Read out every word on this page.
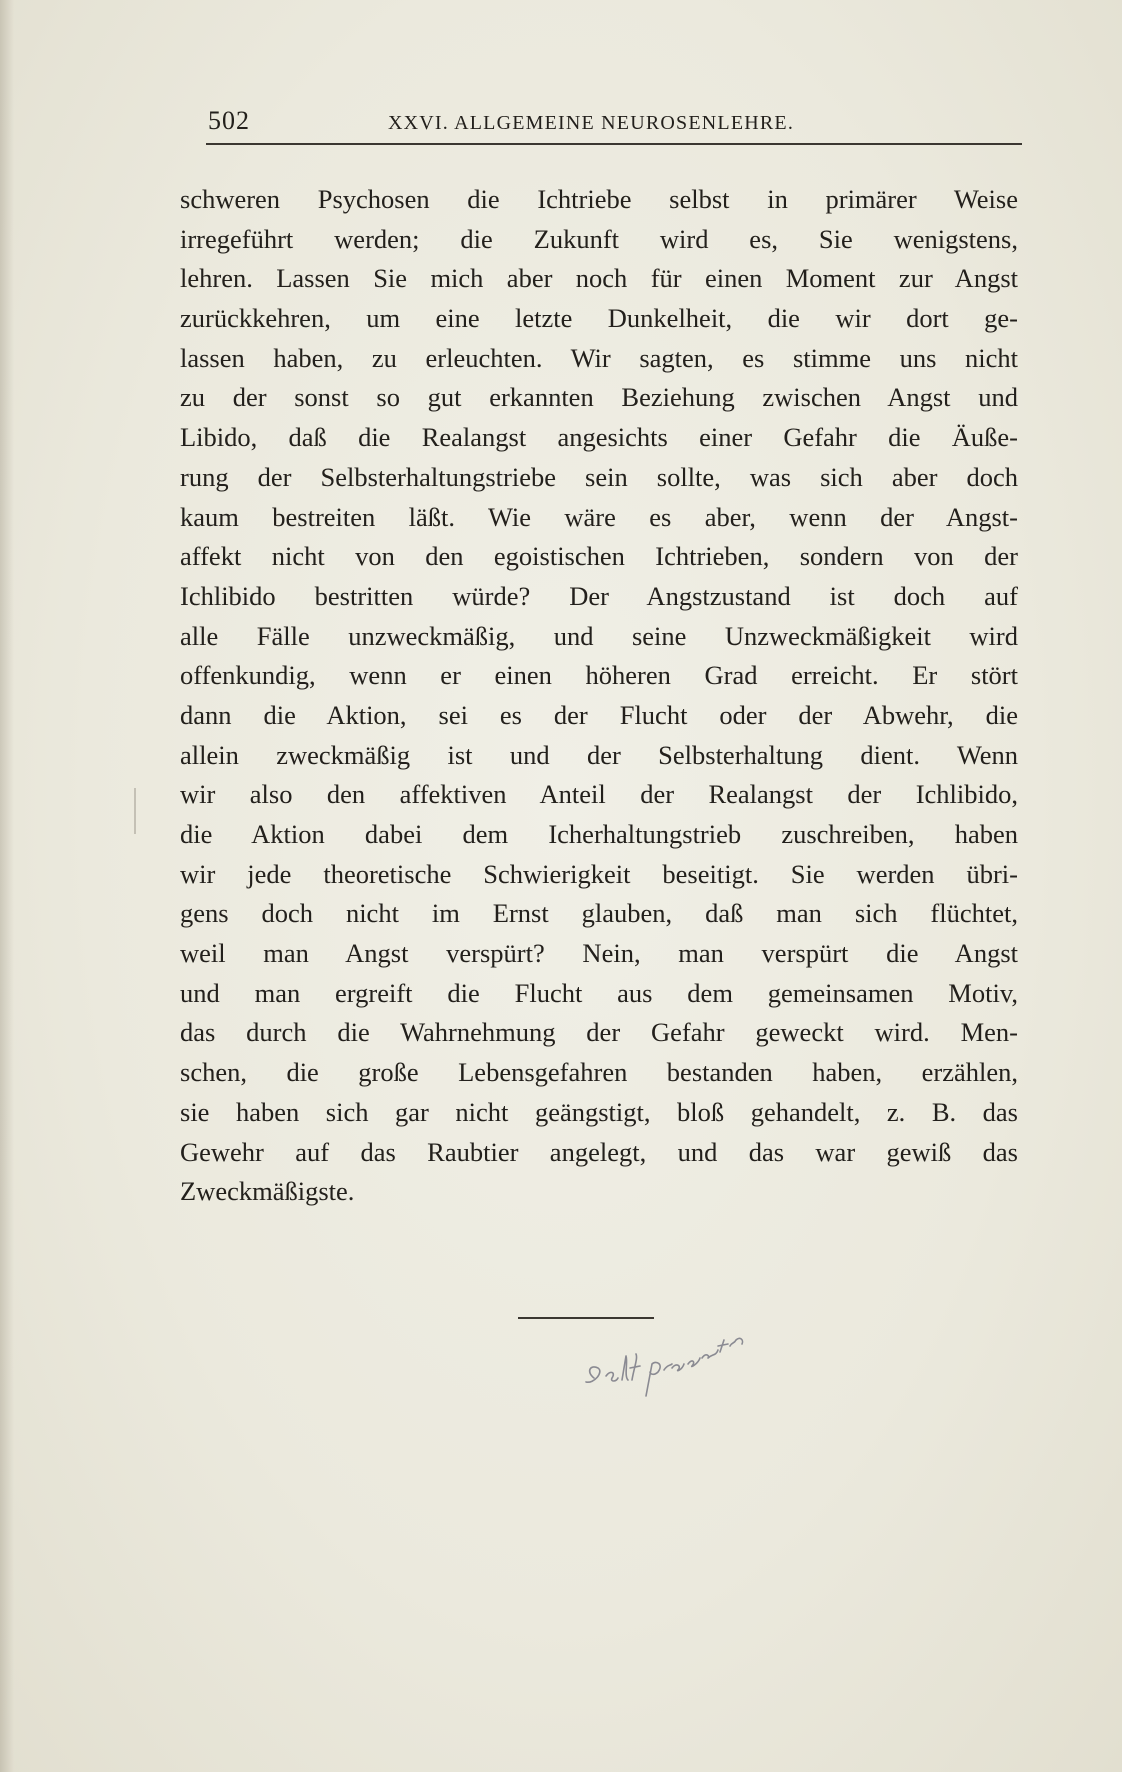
502	XXVI. ALLGEMEINE NEUROSENLEHRE.
schweren Psychosen die Ichtriebe selbst in primärer Weise
irregeführt werden; die Zukunft wird es, Sie wenigstens,
lehren. Lassen Sie mich aber noch für einen Moment zur Angst
zurückkehren, um eine letzte Dunkelheit, die wir dort ge-
lassen haben, zu erleuchten. Wir sagten, es stimme uns nicht
zu der sonst so gut erkannten Beziehung zwischen Angst und
Libido, daß die Realangst angesichts einer Gefahr die Äuße-
rung der Selbsterhaltungstriebe sein sollte, was sich aber doch
kaum bestreiten läßt. Wie wäre es aber, wenn der Angst-
affekt nicht von den egoistischen Ichtrieben, sondern von der
Ichlibido bestritten würde? Der Angstzustand ist doch auf
alle Fälle unzweckmäßig, und seine Unzweckmäßigkeit wird
offenkundig, wenn er einen höheren Grad erreicht. Er stört
dann die Aktion, sei es der Flucht oder der Abwehr, die
allein zweckmäßig ist und der Selbsterhaltung dient. Wenn
wir also den affektiven Anteil der Realangst der Ichlibido,
die Aktion dabei dem Icherhaltungstrieb zuschreiben, haben
wir jede theoretische Schwierigkeit beseitigt. Sie werden übri-
gens doch nicht im Ernst glauben, daß man sich flüchtet,
weil man Angst verspürt? Nein, man verspürt die Angst
und man ergreift die Flucht aus dem gemeinsamen Motiv,
das durch die Wahrnehmung der Gefahr geweckt wird. Men-
schen, die große Lebensgefahren bestanden haben, erzählen,
sie haben sich gar nicht geängstigt, bloß gehandelt, z. B. das
Gewehr auf das Raubtier angelegt, und das war gewiß das
Zweckmäßigste.
